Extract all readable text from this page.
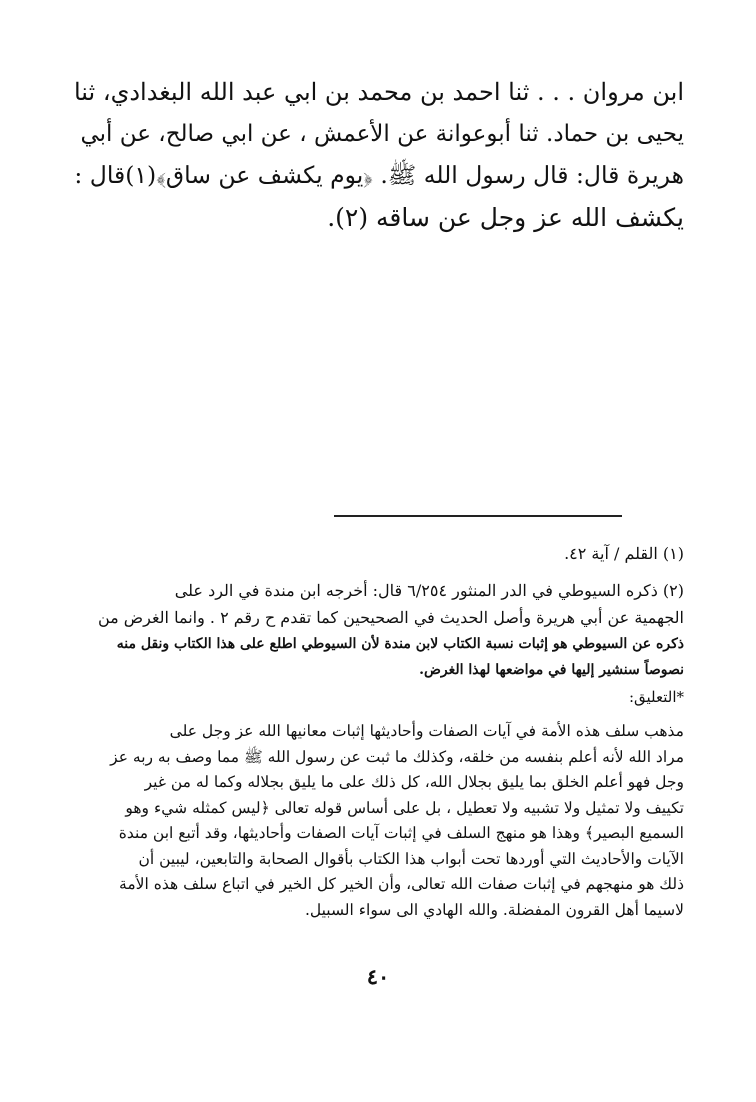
ابن مروان . . . ثنا احمد بن محمد بن ابي عبد الله البغدادي، ثنا
يحيى بن حماد. ثنا أبوعوانة عن الأعمش ، عن ابي صالح، عن أبي
هريرة قال: قال رسول الله ﷺ. ﴿يوم يكشف عن ساق﴾(١)قال :
يكشف الله عز وجل عن ساقه (٢).
(١) القلم / آية ٤٢.
(٢) ذكره السيوطي في الدر المنثور ٦/٢٥٤ قال: أخرجه ابن مندة في الرد على
الجهمية عن أبي هريرة وأصل الحديث في الصحيحين كما تقدم ح رقم ٢ . وانما الغرض من
ذكره عن السيوطي هو إثبات نسبة الكتاب لابن مندة لأن السيوطي اطلع على هذا الكتاب ونقل منه
نصوصاً سنشير إليها في مواضعها لهذا الغرض.
*التعليق:
مذهب سلف هذه الأمة في آيات الصفات وأحاديثها إثبات معانيها الله عز وجل على
مراد الله لأنه أعلم بنفسه من خلقه، وكذلك ما ثبت عن رسول الله ﷺ مما وصف به ربه عز
وجل فهو أعلم الخلق بما يليق بجلال الله، كل ذلك على ما يليق بجلاله وكما له من غير
تكييف ولا تمثيل ولا تشبيه ولا تعطيل ، بل على أساس قوله تعالى ﴿ليس كمثله شيء وهو
السميع البصير﴾ وهذا هو منهج السلف في إثبات آيات الصفات وأحاديثها، وقد أتبع ابن مندة
الآيات والأحاديث التي أوردها تحت أبواب هذا الكتاب بأقوال الصحابة والتابعين، ليبين أن
ذلك هو منهجهم في إثبات صفات الله تعالى، وأن الخير كل الخير في اتباع سلف هذه الأمة
لاسيما أهل القرون المفضلة. والله الهادي الى سواء السبيل.
٤٠
